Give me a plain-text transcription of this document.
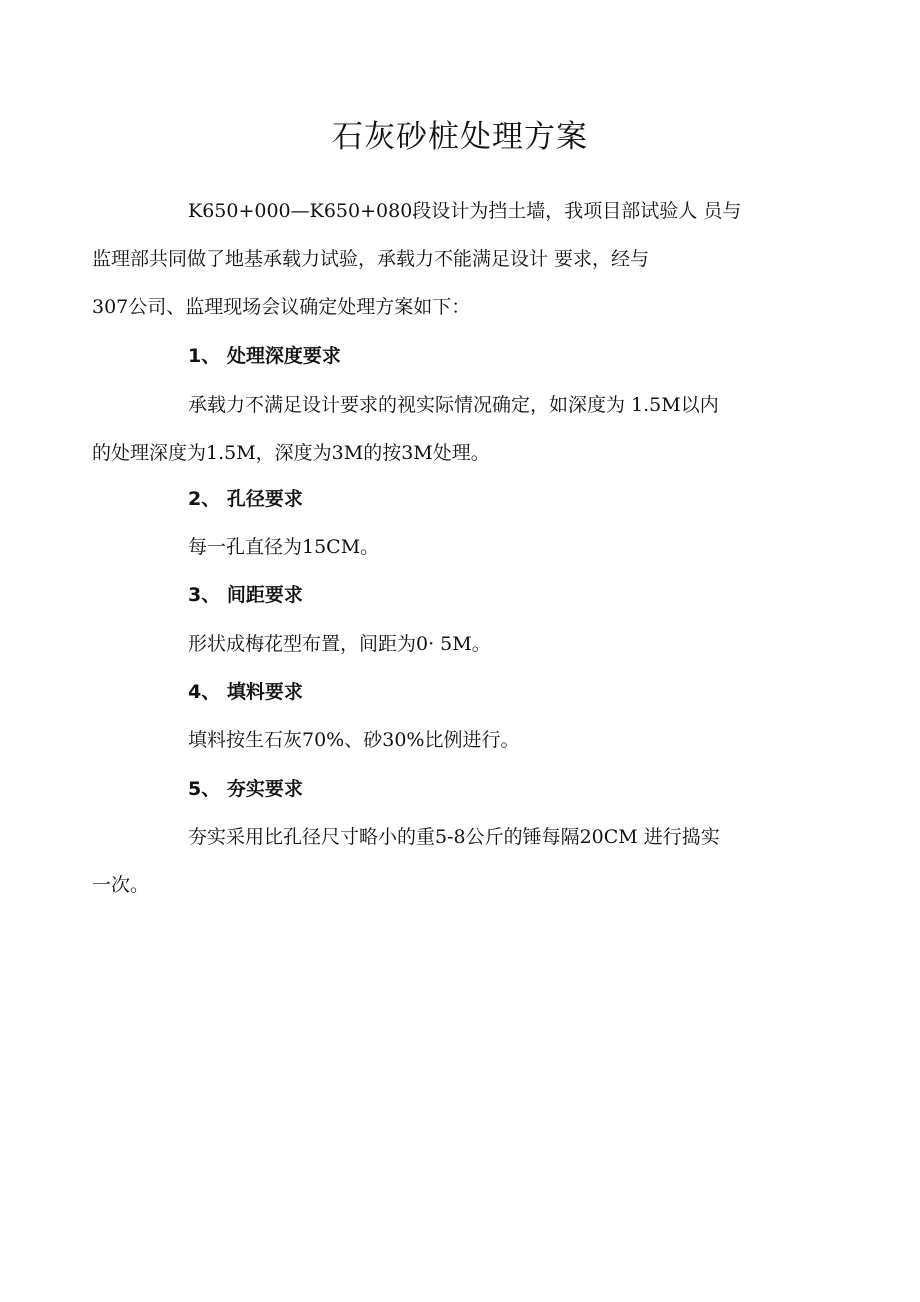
石灰砂桩处理方案
K650+000—K650+080段设计为挡土墙，我项目部试验人 员与
监理部共同做了地基承载力试验，承载力不能满足设计 要求，经与
307公司、监理现场会议确定处理方案如下：
1、 处理深度要求
承载力不满足设计要求的视实际情况确定，如深度为 1.5M以内
的处理深度为1.5M，深度为3M的按3M处理。
2、 孔径要求
每一孔直径为15CM。
3、 间距要求
形状成梅花型布置，间距为0· 5M。
4、 填料要求
填料按生石灰70%、砂30%比例进行。
5、 夯实要求
夯实采用比孔径尺寸略小的重5-8公斤的锤每隔20CM 进行捣实
一次。
